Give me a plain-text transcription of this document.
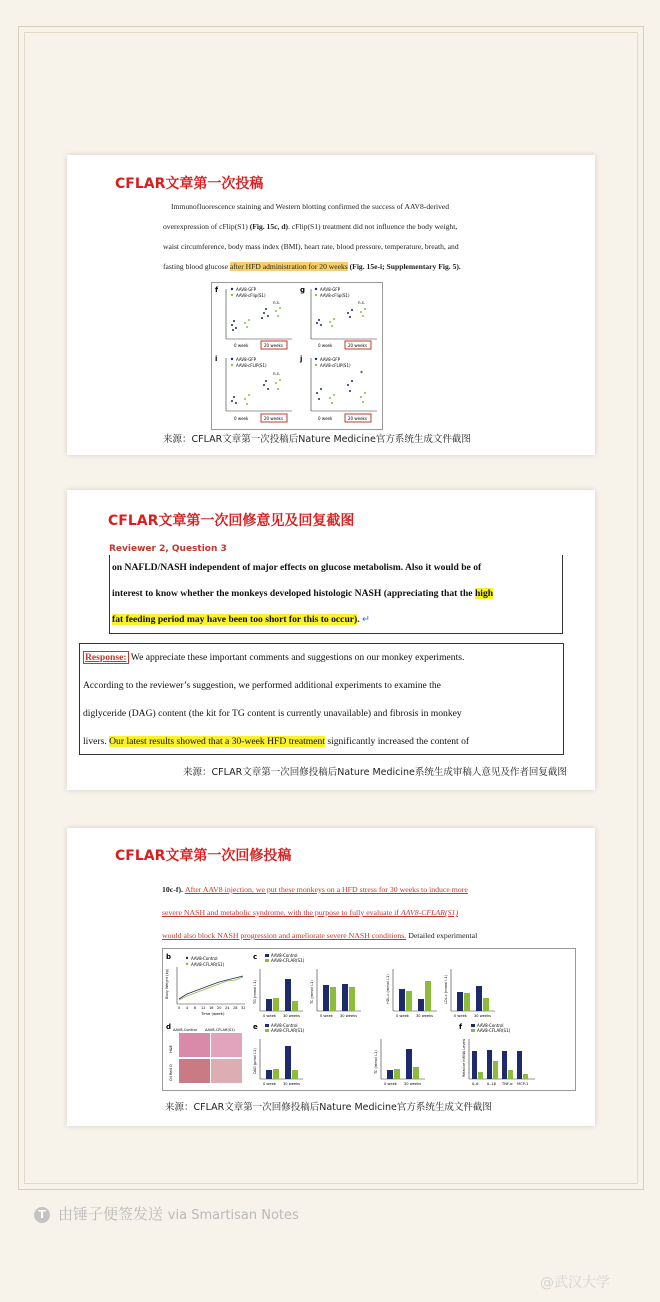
CFLAR文章第一次投稿

Immunofluorescence staining and Western blotting confirmed the success of AAV8-derived

overexpression of cFlip(S1) (Fig. 15c, d). cFlip(S1) treatment did not influence the body weight,

waist circumference, body mass index (BMI), heart rate, blood pressure, temperature, breath, and

fasting blood glucose after HFD administration for 20 weeks (Fig. 15e-i; Supplementary Fig. 5).

f	AAV8-GFP
AAV8-cFlip(S1)
n.s.
0 week	20 weeks
g	AAV8-GFP
AAV8-cFlip(S1)
n.s.
0 week	20 weeks
i	AAV8-GFP
AAV8-cFLIP(S1)
n.s.
0 week	20 weeks
j	AAV8-GFP
AAV8-cFLIP(S1)
*
0 week	20 weeks
来源：CFLAR文章第一次投稿后Nature Medicine官方系统生成文件截图
CFLAR文章第一次回修意见及回复截图
Reviewer 2, Question 3
on NAFLD/NASH independent of major effects on glucose metabolism. Also it would be of
interest to know whether the monkeys developed histologic NASH (appreciating that the high
fat feeding period may have been too short for this to occur). ↵
Response: We appreciate these important comments and suggestions on our monkey experiments.
According to the reviewer’s suggestion, we performed additional experiments to examine the
diglyceride (DAG) content (the kit for TG content is currently unavailable) and fibrosis in monkey
livers. Our latest results showed that a 30-week HFD treatment significantly increased the content of
来源：CFLAR文章第一次回修投稿后Nature Medicine系统生成审稿人意见及作者回复截图
CFLAR文章第一次回修投稿

10c-f). After AAV8 injection, we put these monkeys on a HFD stress for 30 weeks to induce more

severe NASH and metabolic syndrome, with the purpose to fully evaluate if AAV8-CFLAR(S1)

would also block NASH progression and ameliorate severe NASH conditions. Detailed experimental

b	AAV8-Control
AAV8-CFLAR(S1)
Body Weight (kg)
0 4 8 12 16 20 24 28 32
Time (week)
c	AAV8-Control
AAV8-CFLAR(S1)
TG (mmol l-1)
0 week 30 weeks
TC (mmol l-1)
0 week 30 weeks
HDL-c (mmol l-1)
0 week 30 weeks
LDL-c (mmol l-1)
0 week 30 weeks
d AAV8-Control AAV8-CFLAR(S1)
H&E
Oil Red O
e	AAV8-Control
AAV8-CFLAR(S1)
DAG (µmol l-1)
0 week 30 weeks
TC (mmol l-1)
0 week 30 weeks
f	AAV8-Control
AAV8-CFLAR(S1)
Relative mRNA Levels
IL-6 IL-1β TNF-α MCP-1
来源：CFLAR文章第一次回修投稿后Nature Medicine官方系统生成文件截图
T 由锤子便签发送 via Smartisan Notes
@武汉大学
